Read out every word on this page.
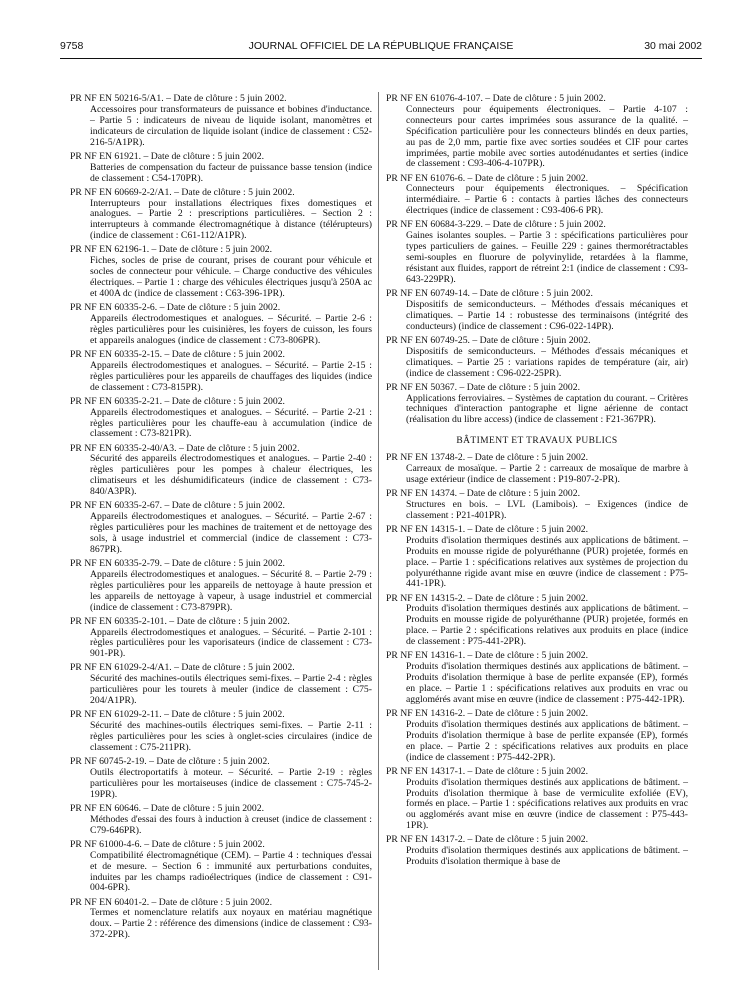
9758	JOURNAL OFFICIEL DE LA RÉPUBLIQUE FRANÇAISE	30 mai 2002
PR NF EN 50216-5/A1. – Date de clôture : 5 juin 2002.
Accessoires pour transformateurs de puissance et bobines d'inductance. – Partie 5 : indicateurs de niveau de liquide isolant, manomètres et indicateurs de circulation de liquide isolant (indice de classement : C52-216-5/A1PR).
PR NF EN 61921. – Date de clôture : 5 juin 2002.
Batteries de compensation du facteur de puissance basse tension (indice de classement : C54-170PR).
PR NF EN 60669-2-2/A1. – Date de clôture : 5 juin 2002.
Interrupteurs pour installations électriques fixes domestiques et analogues. – Partie 2 : prescriptions particulières. – Section 2 : interrupteurs à commande électromagnétique à distance (télérupteurs) (indice de classement : C61-112/A1PR).
PR NF EN 62196-1. – Date de clôture : 5 juin 2002.
Fiches, socles de prise de courant, prises de courant pour véhicule et socles de connecteur pour véhicule. – Charge conductive des véhicules électriques. – Partie 1 : charge des véhicules électriques jusqu'à 250A ac et 400A dc (indice de classement : C63-396-1PR).
PR NF EN 60335-2-6. – Date de clôture : 5 juin 2002.
Appareils électrodomestiques et analogues. – Sécurité. – Partie 2-6 : règles particulières pour les cuisinières, les foyers de cuisson, les fours et appareils analogues (indice de classement : C73-806PR).
PR NF EN 60335-2-15. – Date de clôture : 5 juin 2002.
Appareils électrodomestiques et analogues. – Sécurité. – Partie 2-15 : règles particulières pour les appareils de chauffages des liquides (indice de classement : C73-815PR).
PR NF EN 60335-2-21. – Date de clôture : 5 juin 2002.
Appareils électrodomestiques et analogues. – Sécurité. – Partie 2-21 : règles particulières pour les chauffe-eau à accumulation (indice de classement : C73-821PR).
PR NF EN 60335-2-40/A3. – Date de clôture : 5 juin 2002.
Sécurité des appareils électrodomestiques et analogues. – Partie 2-40 : règles particulières pour les pompes à chaleur électriques, les climatiseurs et les déshumidificateurs (indice de classement : C73-840/A3PR).
PR NF EN 60335-2-67. – Date de clôture : 5 juin 2002.
Appareils électrodomestiques et analogues. – Sécurité. – Partie 2-67 : règles particulières pour les machines de traitement et de nettoyage des sols, à usage industriel et commercial (indice de classement : C73-867PR).
PR NF EN 60335-2-79. – Date de clôture : 5 juin 2002.
Appareils électrodomestiques et analogues. – Sécurité 8. – Partie 2-79 : règles particulières pour les appareils de nettoyage à haute pression et les appareils de nettoyage à vapeur, à usage industriel et commercial (indice de classement : C73-879PR).
PR NF EN 60335-2-101. – Date de clôture : 5 juin 2002.
Appareils électrodomestiques et analogues. – Sécurité. – Partie 2-101 : règles particulières pour les vaporisateurs (indice de classement : C73-901-PR).
PR NF EN 61029-2-4/A1. – Date de clôture : 5 juin 2002.
Sécurité des machines-outils électriques semi-fixes. – Partie 2-4 : règles particulières pour les tourets à meuler (indice de classement : C75-204/A1PR).
PR NF EN 61029-2-11. – Date de clôture : 5 juin 2002.
Sécurité des machines-outils électriques semi-fixes. – Partie 2-11 : règles particulières pour les scies à onglet-scies circulaires (indice de classement : C75-211PR).
PR NF 60745-2-19. – Date de clôture : 5 juin 2002.
Outils électroportatifs à moteur. – Sécurité. – Partie 2-19 : règles particulières pour les mortaiseuses (indice de classement : C75-745-2-19PR).
PR NF EN 60646. – Date de clôture : 5 juin 2002.
Méthodes d'essai des fours à induction à creuset (indice de classement : C79-646PR).
PR NF 61000-4-6. – Date de clôture : 5 juin 2002.
Compatibilité électromagnétique (CEM). – Partie 4 : techniques d'essai et de mesure. – Section 6 : immunité aux perturbations conduites, induites par les champs radioélectriques (indice de classement : C91-004-6PR).
PR NF EN 60401-2. – Date de clôture : 5 juin 2002.
Termes et nomenclature relatifs aux noyaux en matériau magnétique doux. – Partie 2 : référence des dimensions (indice de classement : C93-372-2PR).
PR NF EN 61076-4-107. – Date de clôture : 5 juin 2002.
Connecteurs pour équipements électroniques. – Partie 4-107 : connecteurs pour cartes imprimées sous assurance de la qualité. – Spécification particulière pour les connecteurs blindés en deux parties, au pas de 2,0 mm, partie fixe avec sorties soudées et CIF pour cartes imprimées, partie mobile avec sorties autodénudantes et serties (indice de classement : C93-406-4-107PR).
PR NF EN 61076-6. – Date de clôture : 5 juin 2002.
Connecteurs pour équipements électroniques. – Spécification intermédiaire. – Partie 6 : contacts à parties lâches des connecteurs électriques (indice de classement : C93-406-6 PR).
PR NF EN 60684-3-229. – Date de clôture : 5 juin 2002.
Gaines isolantes souples. – Partie 3 : spécifications particulières pour types particuliers de gaines. – Feuille 229 : gaines thermorétractables semi-souples en fluorure de polyvinylide, retardées à la flamme, résistant aux fluides, rapport de rétreint 2:1 (indice de classement : C93-643-229PR).
PR NF EN 60749-14. – Date de clôture : 5 juin 2002.
Dispositifs de semiconducteurs. – Méthodes d'essais mécaniques et climatiques. – Partie 14 : robustesse des terminaisons (intégrité des conducteurs) (indice de classement : C96-022-14PR).
PR NF EN 60749-25. – Date de clôture : 5juin 2002.
Dispositifs de semiconducteurs. – Méthodes d'essais mécaniques et climatiques. – Partie 25 : variations rapides de température (air, air) (indice de classement : C96-022-25PR).
PR NF EN 50367. – Date de clôture : 5 juin 2002.
Applications ferroviaires. – Systèmes de captation du courant. – Critères techniques d'interaction pantographe et ligne aérienne de contact (réalisation du libre access) (indice de classement : F21-367PR).
BÂTIMENT ET TRAVAUX PUBLICS
PR NF EN 13748-2. – Date de clôture : 5 juin 2002.
Carreaux de mosaïque. – Partie 2 : carreaux de mosaïque de marbre à usage extérieur (indice de classement : P19-807-2-PR).
PR NF EN 14374. – Date de clôture : 5 juin 2002.
Structures en bois. – LVL (Lamibois). – Exigences (indice de classement : P21-401PR).
PR NF EN 14315-1. – Date de clôture : 5 juin 2002.
Produits d'isolation thermiques destinés aux applications de bâtiment. – Produits en mousse rigide de polyuréthanne (PUR) projetée, formés en place. – Partie 1 : spécifications relatives aux systèmes de projection du polyuréthanne rigide avant mise en œuvre (indice de classement : P75-441-1PR).
PR NF EN 14315-2. – Date de clôture : 5 juin 2002.
Produits d'isolation thermiques destinés aux applications de bâtiment. – Produits en mousse rigide de polyuréthanne (PUR) projetée, formés en place. – Partie 2 : spécifications relatives aux produits en place (indice de classement : P75-441-2PR).
PR NF EN 14316-1. – Date de clôture : 5 juin 2002.
Produits d'isolation thermiques destinés aux applications de bâtiment. – Produits d'isolation thermique à base de perlite expansée (EP), formés en place. – Partie 1 : spécifications relatives aux produits en vrac ou agglomérés avant mise en œuvre (indice de classement : P75-442-1PR).
PR NF EN 14316-2. – Date de clôture : 5 juin 2002.
Produits d'isolation thermiques destinés aux applications de bâtiment. – Produits d'isolation thermique à base de perlite expansée (EP), formés en place. – Partie 2 : spécifications relatives aux produits en place (indice de classement : P75-442-2PR).
PR NF EN 14317-1. – Date de clôture : 5 juin 2002.
Produits d'isolation thermiques destinés aux applications de bâtiment. – Produits d'isolation thermique à base de vermiculite exfoliée (EV), formés en place. – Partie 1 : spécifications relatives aux produits en vrac ou agglomérés avant mise en œuvre (indice de classement : P75-443-1PR).
PR NF EN 14317-2. – Date de clôture : 5 juin 2002.
Produits d'isolation thermiques destinés aux applications de bâtiment. – Produits d'isolation thermique à base de
